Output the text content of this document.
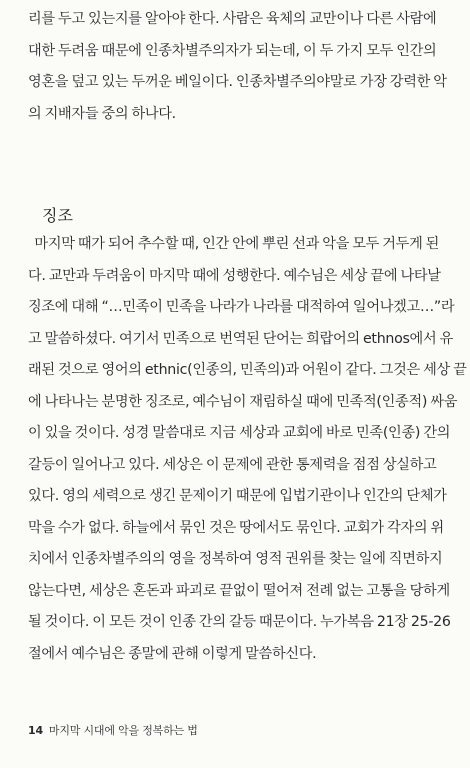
리를 두고 있는지를 알아야 한다. 사람은 육체의 교만이나 다른 사람에
대한 두려움 때문에 인종차별주의자가 되는데, 이 두 가지 모두 인간의
영혼을 덮고 있는 두꺼운 베일이다. 인종차별주의야말로 가장 강력한 악
의 지배자들 중의 하나다.
징조
마지막 때가 되어 추수할 때, 인간 안에 뿌린 선과 악을 모두 거두게 된
다. 교만과 두려움이 마지막 때에 성행한다. 예수님은 세상 끝에 나타날
징조에 대해 “…민족이 민족을 나라가 나라를 대적하여 일어나겠고…”라
고 말씀하셨다. 여기서 민족으로 번역된 단어는 희랍어의 ethnos에서 유
래된 것으로 영어의 ethnic(인종의, 민족의)과 어원이 같다. 그것은 세상 끝
에 나타나는 분명한 징조로, 예수님이 재림하실 때에 민족적(인종적) 싸움
이 있을 것이다. 성경 말씀대로 지금 세상과 교회에 바로 민족(인종) 간의
갈등이 일어나고 있다. 세상은 이 문제에 관한 통제력을 점점 상실하고
있다. 영의 세력으로 생긴 문제이기 때문에 입법기관이나 인간의 단체가
막을 수가 없다. 하늘에서 묶인 것은 땅에서도 묶인다. 교회가 각자의 위
치에서 인종차별주의의 영을 정복하여 영적 권위를 찾는 일에 직면하지
않는다면, 세상은 혼돈과 파괴로 끝없이 떨어져 전례 없는 고통을 당하게
될 것이다. 이 모든 것이 인종 간의 갈등 때문이다. 누가복음 21장 25-26
절에서 예수님은 종말에 관해 이렇게 말씀하신다.
14 마지막 시대에 악을 정복하는 법
